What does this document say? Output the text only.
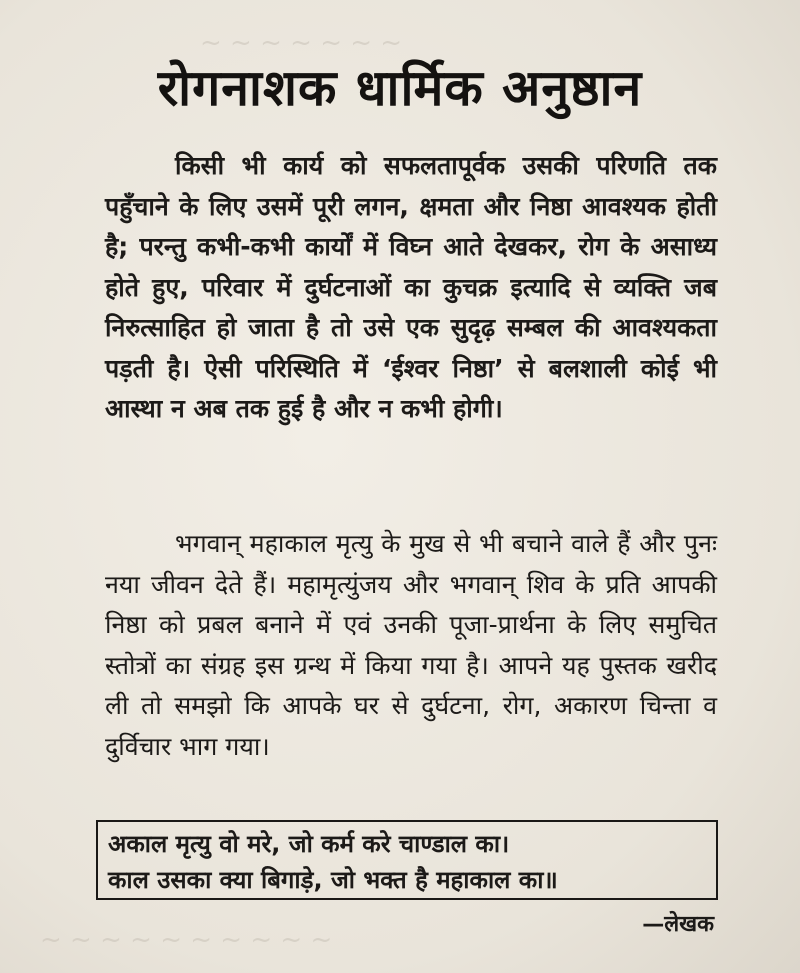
~ ~ ~ ~ ~ ~ ~
~ ~ ~ ~ ~ ~ ~ ~ ~ ~
रोगनाशक धार्मिक अनुष्ठान

किसी भी कार्य को सफलतापूर्वक उसकी परिणति तक पहुँचाने के लिए उसमें पूरी लगन, क्षमता और निष्ठा आवश्यक होती है; परन्तु कभी-कभी कार्यों में विघ्न आते देखकर, रोग के असाध्य होते हुए, परिवार में दुर्घटनाओं का कुचक्र इत्यादि से व्यक्ति जब निरुत्साहित हो जाता है तो उसे एक सुदृढ़ सम्बल की आवश्यकता पड़ती है। ऐसी परिस्थिति में ‘ईश्वर निष्ठा’ से बलशाली कोई भी आस्था न अब तक हुई है और न कभी होगी।

भगवान् महाकाल मृत्यु के मुख से भी बचाने वाले हैं और पुनः नया जीवन देते हैं। महामृत्युंजय और भगवान् शिव के प्रति आपकी निष्ठा को प्रबल बनाने में एवं उनकी पूजा-प्रार्थना के लिए समुचित स्तोत्रों का संग्रह इस ग्रन्थ में किया गया है। आपने यह पुस्तक खरीद ली तो समझो कि आपके घर से दुर्घटना, रोग, अकारण चिन्ता व दुर्विचार भाग गया।

अकाल मृत्यु वो मरे, जो कर्म करे चाण्डाल का।
काल उसका क्या बिगाड़े, जो भक्त है महाकाल का॥
—लेखक
